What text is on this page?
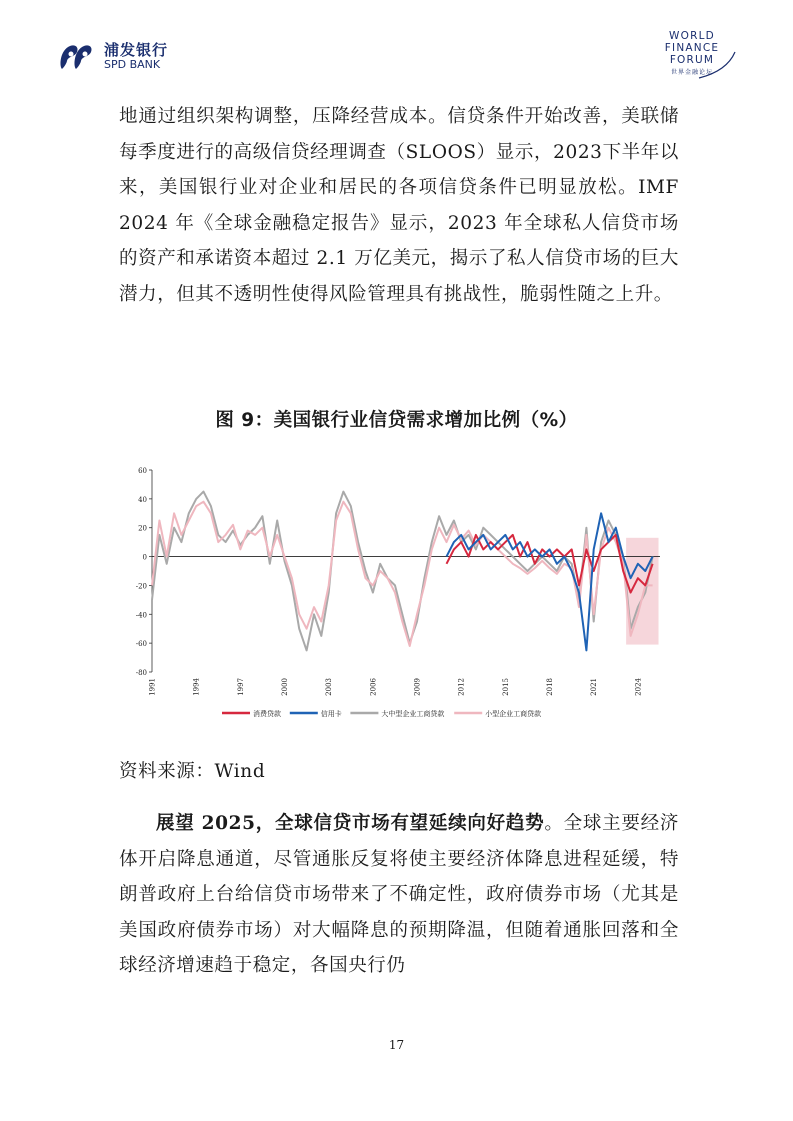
浦发银行
SPD BANK
WORLD
FINANCE
FORUM
世界金融论坛

地通过组织架构调整，压降经营成本。信贷条件开始改善，美联储每季度进行的高级信贷经理调查（SLOOS）显示，2023下半年以来，美国银行业对企业和居民的各项信贷条件已明显放松。IMF 2024 年《全球金融稳定报告》显示，2023 年全球私人信贷市场的资产和承诺资本超过 2.1 万亿美元，揭示了私人信贷市场的巨大潜力，但其不透明性使得风险管理具有挑战性，脆弱性随之上升。

图 9：美国银行业信贷需求增加比例（%）
60
40
20
0
-20
-40
-60
-80
1991	1994	1997	2000	2003	2006	2009	2012	2015	2018	2021	2024
消费贷款	信用卡	大中型企业工商贷款	小型企业工商贷款
资料来源：Wind

展望 2025，全球信贷市场有望延续向好趋势。全球主要经济体开启降息通道，尽管通胀反复将使主要经济体降息进程延缓，特朗普政府上台给信贷市场带来了不确定性，政府债券市场（尤其是美国政府债券市场）对大幅降息的预期降温，但随着通胀回落和全球经济增速趋于稳定，各国央行仍

17
